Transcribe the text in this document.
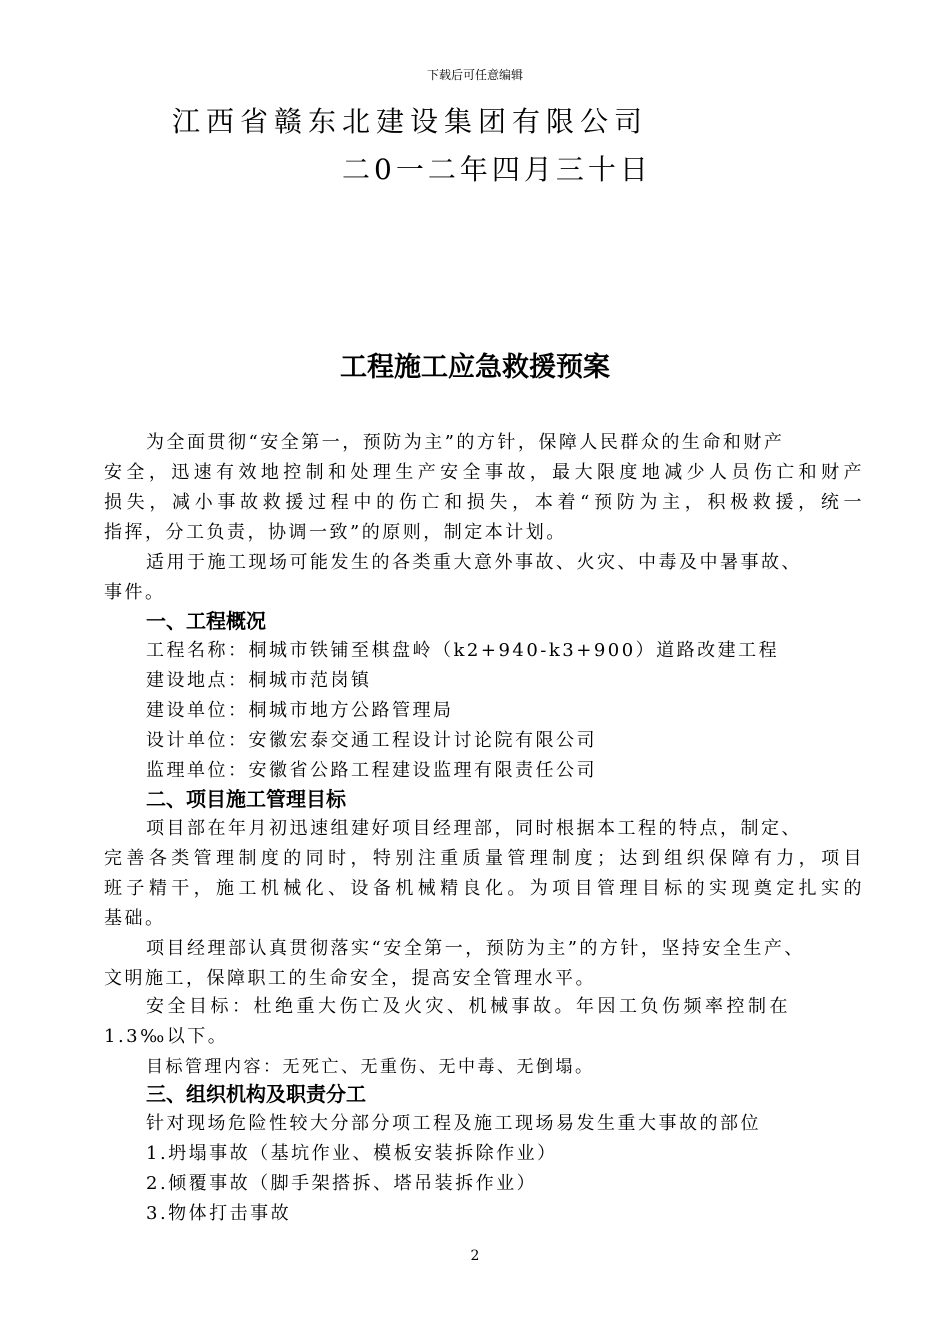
下载后可任意编辑
江西省赣东北建设集团有限公司
二0一二年四月三十日
工程施工应急救援预案
为全面贯彻“安全第一，预防为主”的方针，保障人民群众的生命和财产
安全，迅速有效地控制和处理生产安全事故，最大限度地减少人员伤亡和财产
损失，减小事故救援过程中的伤亡和损失，本着“预防为主，积极救援，统一
指挥，分工负责，协调一致”的原则，制定本计划。
适用于施工现场可能发生的各类重大意外事故、火灾、中毒及中暑事故、
事件。
一、工程概况
工程名称：桐城市铁铺至棋盘岭（k2+940-k3+900）道路改建工程
建设地点：桐城市范岗镇
建设单位：桐城市地方公路管理局
设计单位：安徽宏泰交通工程设计讨论院有限公司
监理单位：安徽省公路工程建设监理有限责任公司
二、项目施工管理目标
项目部在年月初迅速组建好项目经理部，同时根据本工程的特点，制定、
完善各类管理制度的同时，特别注重质量管理制度；达到组织保障有力，项目
班子精干，施工机械化、设备机械精良化。为项目管理目标的实现奠定扎实的
基础。
项目经理部认真贯彻落实“安全第一，预防为主”的方针，坚持安全生产、
文明施工，保障职工的生命安全，提高安全管理水平。
安全目标：杜绝重大伤亡及火灾、机械事故。年因工负伤频率控制在
1.3‰以下。
目标管理内容：无死亡、无重伤、无中毒、无倒塌。
三、组织机构及职责分工
针对现场危险性较大分部分项工程及施工现场易发生重大事故的部位
1.坍塌事故（基坑作业、模板安装拆除作业）
2.倾覆事故（脚手架搭拆、塔吊装拆作业）
3.物体打击事故
2
